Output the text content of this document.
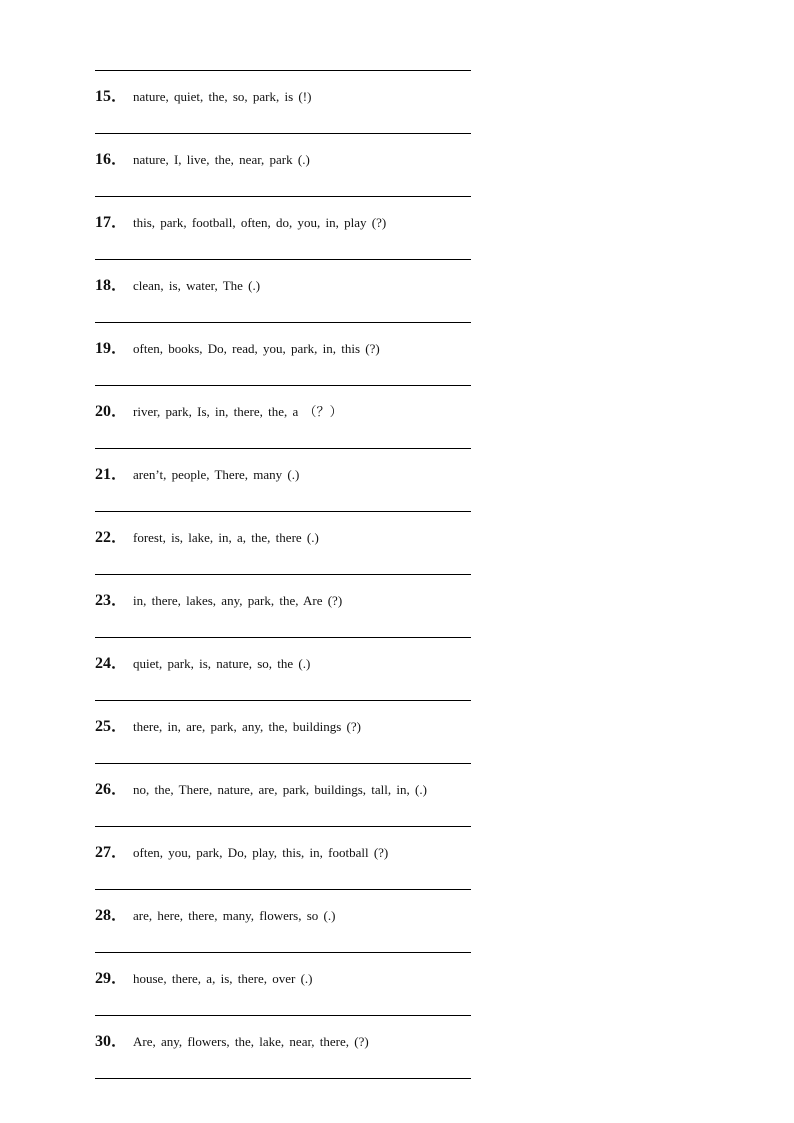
15． nature, quiet, the, so, park, is (!)
16． nature, I, live, the, near, park (.)
17． this, park, football, often, do, you, in, play (?)
18． clean, is, water, The (.)
19． often, books, Do, read, you, park, in, this (?)
20． river, park, Is, in, there, the, a （？）
21． aren’t, people, There, many (.)
22． forest, is, lake, in, a, the, there (.)
23． in, there, lakes, any, park, the, Are (?)
24． quiet, park, is, nature, so, the (.)
25． there, in, are, park, any, the, buildings (?)
26． no, the, There, nature, are, park, buildings, tall, in, (.)
27． often, you, park, Do, play, this, in, football (?)
28． are, here, there, many, flowers, so (.)
29． house, there, a, is, there, over (.)
30． Are, any, flowers, the, lake, near, there, (?)
